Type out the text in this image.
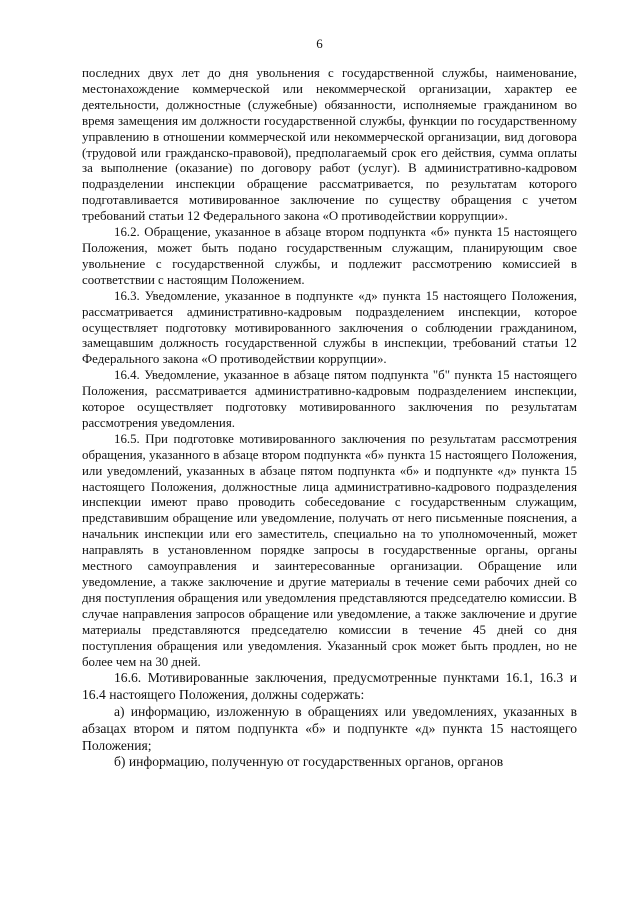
6

последних двух лет до дня увольнения с государственной службы, наименование, местонахождение коммерческой или некоммерческой организации, характер ее деятельности, должностные (служебные) обязанности, исполняемые гражданином во время замещения им должности государственной службы, функции по государственному управлению в отношении коммерческой или некоммерческой организации, вид договора (трудовой или гражданско-правовой), предполагаемый срок его действия, сумма оплаты за выполнение (оказание) по договору работ (услуг). В административно-кадровом подразделении инспекции обращение рассматривается, по результатам которого подготавливается мотивированное заключение по существу обращения с учетом требований статьи 12 Федерального закона «О противодействии коррупции».

16.2. Обращение, указанное в абзаце втором подпункта «б» пункта 15 настоящего Положения, может быть подано государственным служащим, планирующим свое увольнение с государственной службы, и подлежит рассмотрению комиссией в соответствии с настоящим Положением.

16.3. Уведомление, указанное в подпункте «д» пункта 15 настоящего Положения, рассматривается административно-кадровым подразделением инспекции, которое осуществляет подготовку мотивированного заключения о соблюдении гражданином, замещавшим должность государственной службы в инспекции, требований статьи 12 Федерального закона «О противодействии коррупции».

16.4. Уведомление, указанное в абзаце пятом подпункта "б" пункта 15 настоящего Положения, рассматривается административно-кадровым подразделением инспекции, которое осуществляет подготовку мотивированного заключения по результатам рассмотрения уведомления.

16.5. При подготовке мотивированного заключения по результатам рассмотрения обращения, указанного в абзаце втором подпункта «б» пункта 15 настоящего Положения, или уведомлений, указанных в абзаце пятом подпункта «б» и подпункте «д» пункта 15 настоящего Положения, должностные лица административно-кадрового подразделения инспекции имеют право проводить собеседование с государственным служащим, представившим обращение или уведомление, получать от него письменные пояснения, а начальник инспекции или его заместитель, специально на то уполномоченный, может направлять в установленном порядке запросы в государственные органы, органы местного самоуправления и заинтересованные организации. Обращение или уведомление, а также заключение и другие материалы в течение семи рабочих дней со дня поступления обращения или уведомления представляются председателю комиссии. В случае направления запросов обращение или уведомление, а также заключение и другие материалы представляются председателю комиссии в течение 45 дней со дня поступления обращения или уведомления. Указанный срок может быть продлен, но не более чем на 30 дней.

16.6. Мотивированные заключения, предусмотренные пунктами 16.1, 16.3 и 16.4 настоящего Положения, должны содержать:

а) информацию, изложенную в обращениях или уведомлениях, указанных в абзацах втором и пятом подпункта «б» и подпункте «д» пункта 15 настоящего Положения;

б) информацию, полученную от государственных органов, органов
